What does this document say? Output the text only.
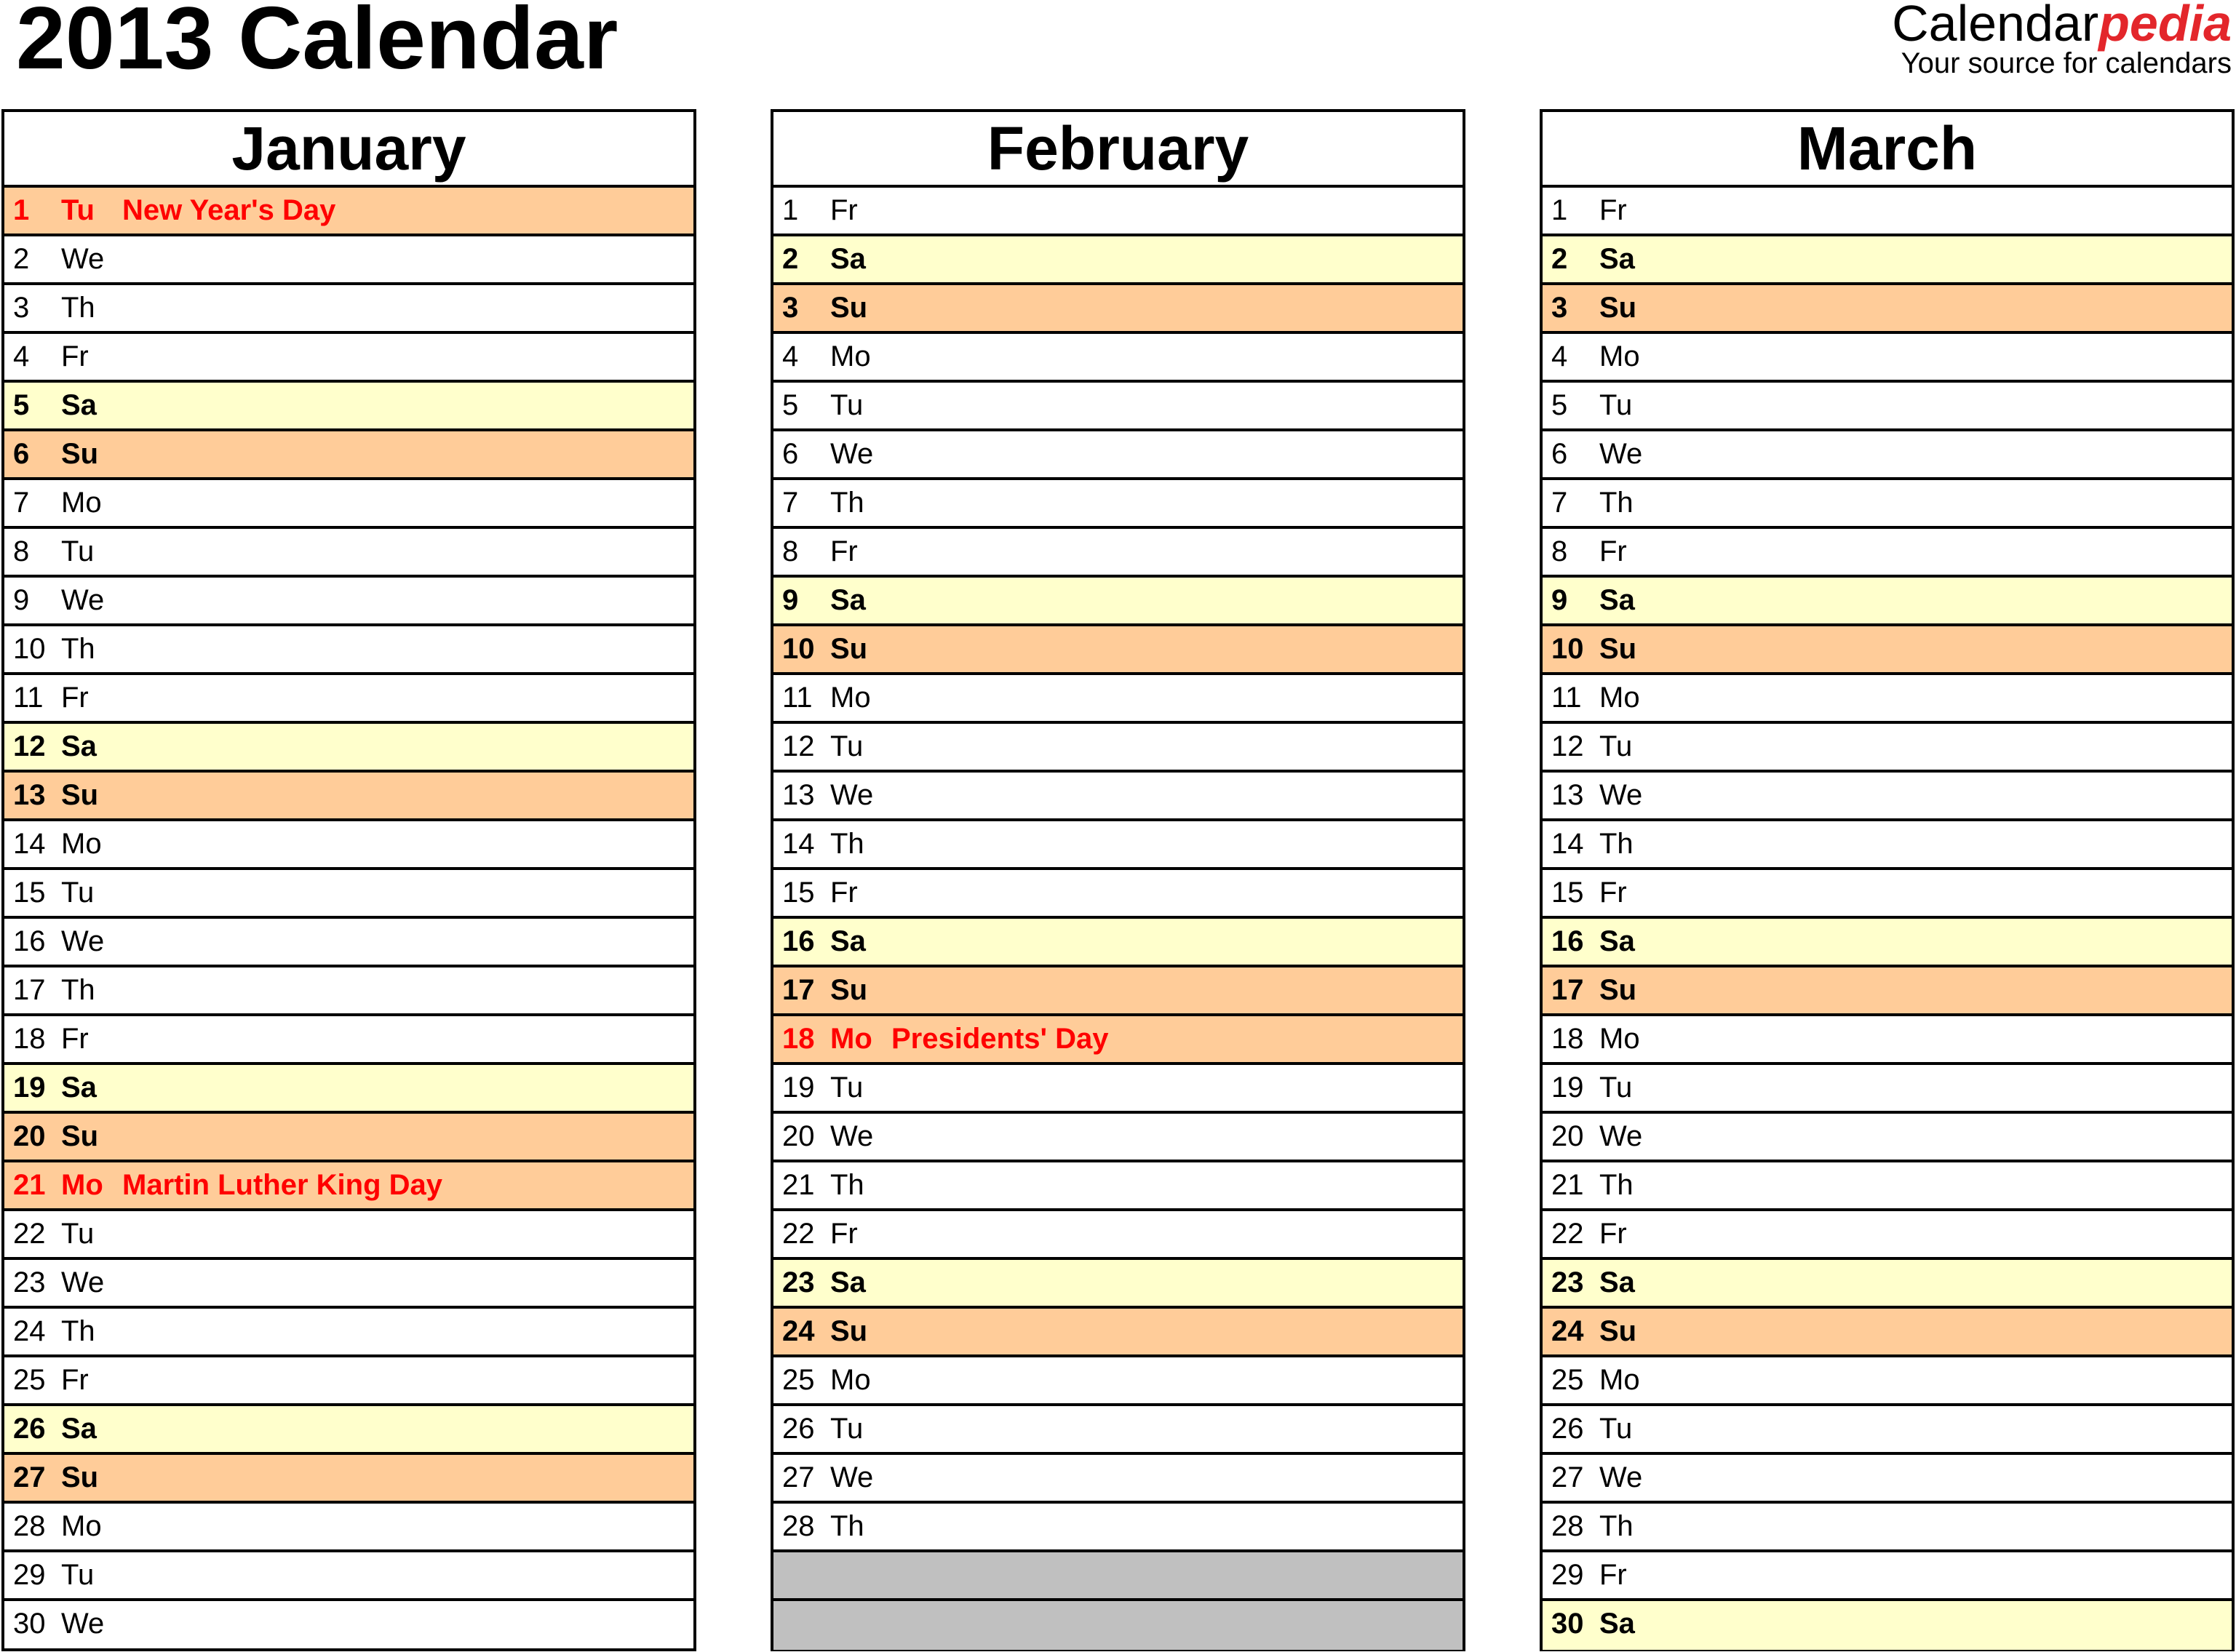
2013 Calendar	Calendarpedia
Your source for calendars
January
1 Tu New Year's Day
2 We
3 Th
4 Fr
5 Sa
6 Su
7 Mo
8 Tu
9 We
10 Th
11 Fr
12 Sa
13 Su
14 Mo
15 Tu
16 We
17 Th
18 Fr
19 Sa
20 Su
21 Mo Martin Luther King Day
22 Tu
23 We
24 Th
25 Fr
26 Sa
27 Su
28 Mo
29 Tu
30 We
February
1 Fr
2 Sa
3 Su
4 Mo
5 Tu
6 We
7 Th
8 Fr
9 Sa
10 Su
11 Mo
12 Tu
13 We
14 Th
15 Fr
16 Sa
17 Su
18 Mo Presidents' Day
19 Tu
20 We
21 Th
22 Fr
23 Sa
24 Su
25 Mo
26 Tu
27 We
28 Th
March
1 Fr
2 Sa
3 Su
4 Mo
5 Tu
6 We
7 Th
8 Fr
9 Sa
10 Su
11 Mo
12 Tu
13 We
14 Th
15 Fr
16 Sa
17 Su
18 Mo
19 Tu
20 We
21 Th
22 Fr
23 Sa
24 Su
25 Mo
26 Tu
27 We
28 Th
29 Fr
30 Sa
